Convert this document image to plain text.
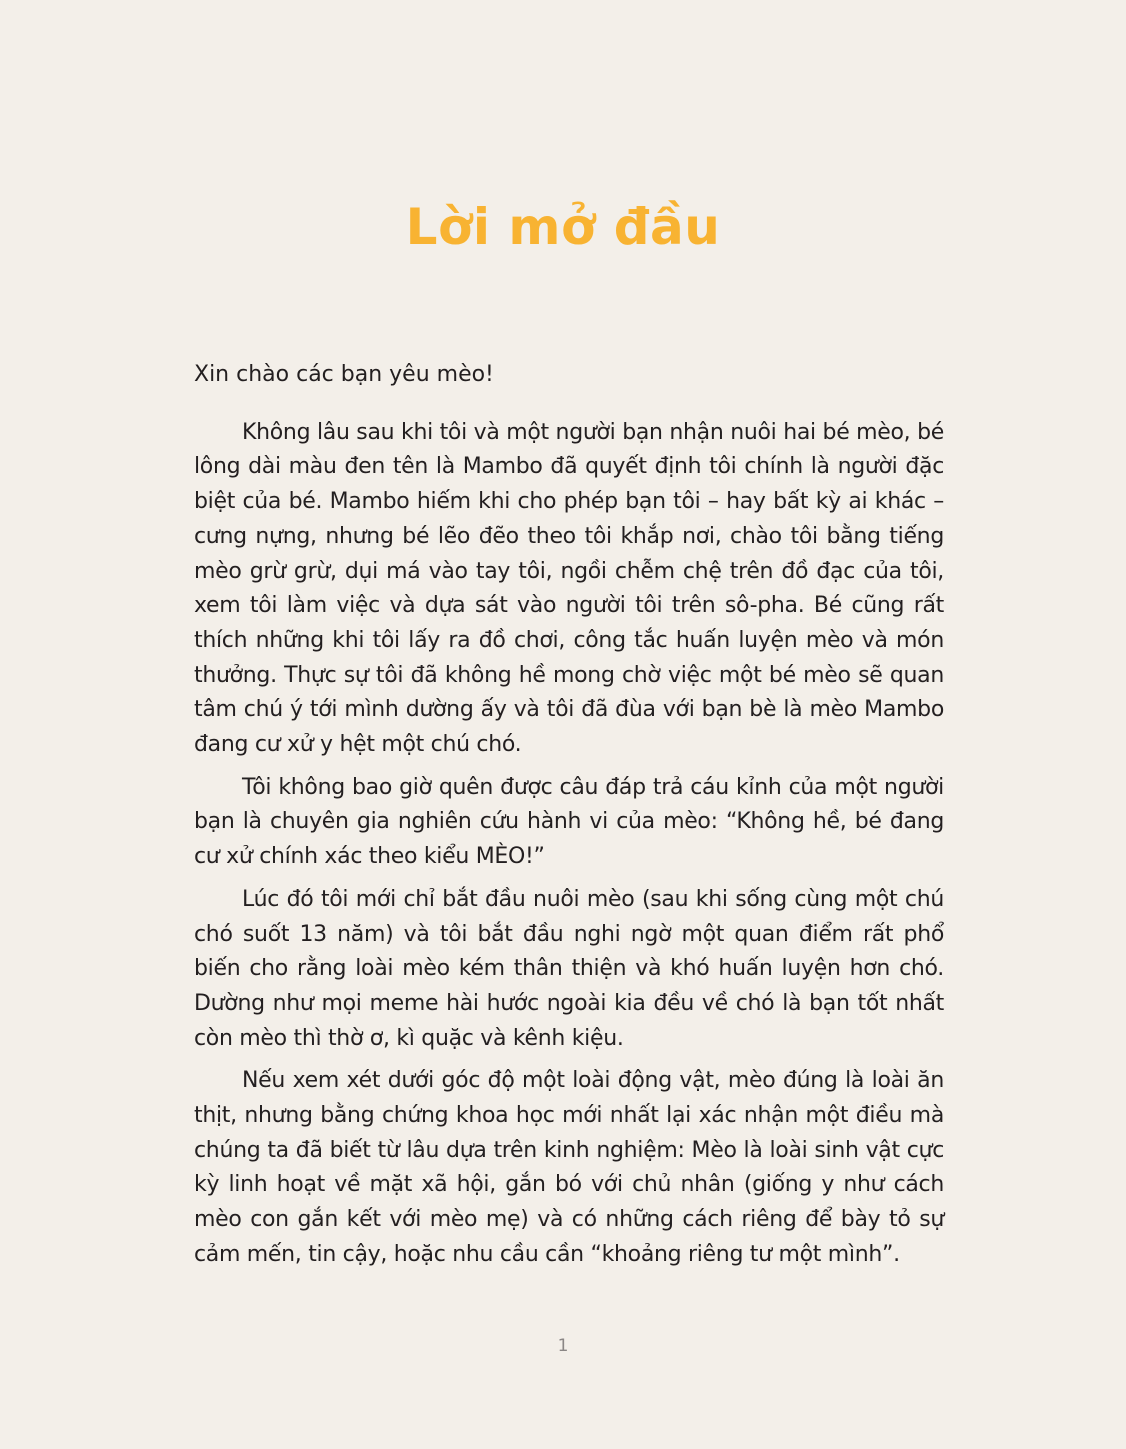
Lời mở đầu

Xin chào các bạn yêu mèo!

Không lâu sau khi tôi và một người bạn nhận nuôi hai bé mèo, bé lông dài màu đen tên là Mambo đã quyết định tôi chính là người đặc biệt của bé. Mambo hiếm khi cho phép bạn tôi – hay bất kỳ ai khác – cưng nựng, nhưng bé lẽo đẽo theo tôi khắp nơi, chào tôi bằng tiếng mèo grừ grừ, dụi má vào tay tôi, ngồi chễm chệ trên đồ đạc của tôi, xem tôi làm việc và dựa sát vào người tôi trên sô-pha. Bé cũng rất thích những khi tôi lấy ra đồ chơi, công tắc huấn luyện mèo và món thưởng. Thực sự tôi đã không hề mong chờ việc một bé mèo sẽ quan tâm chú ý tới mình dường ấy và tôi đã đùa với bạn bè là mèo Mambo đang cư xử y hệt một chú chó.

Tôi không bao giờ quên được câu đáp trả cáu kỉnh của một người bạn là chuyên gia nghiên cứu hành vi của mèo: “Không hề, bé đang cư xử chính xác theo kiểu MÈO!”

Lúc đó tôi mới chỉ bắt đầu nuôi mèo (sau khi sống cùng một chú chó suốt 13 năm) và tôi bắt đầu nghi ngờ một quan điểm rất phổ biến cho rằng loài mèo kém thân thiện và khó huấn luyện hơn chó. Dường như mọi meme hài hước ngoài kia đều về chó là bạn tốt nhất còn mèo thì thờ ơ, kì quặc và kênh kiệu.

Nếu xem xét dưới góc độ một loài động vật, mèo đúng là loài ăn thịt, nhưng bằng chứng khoa học mới nhất lại xác nhận một điều mà chúng ta đã biết từ lâu dựa trên kinh nghiệm: Mèo là loài sinh vật cực kỳ linh hoạt về mặt xã hội, gắn bó với chủ nhân (giống y như cách mèo con gắn kết với mèo mẹ) và có những cách riêng để bày tỏ sự cảm mến, tin cậy, hoặc nhu cầu cần “khoảng riêng tư một mình”.

1
